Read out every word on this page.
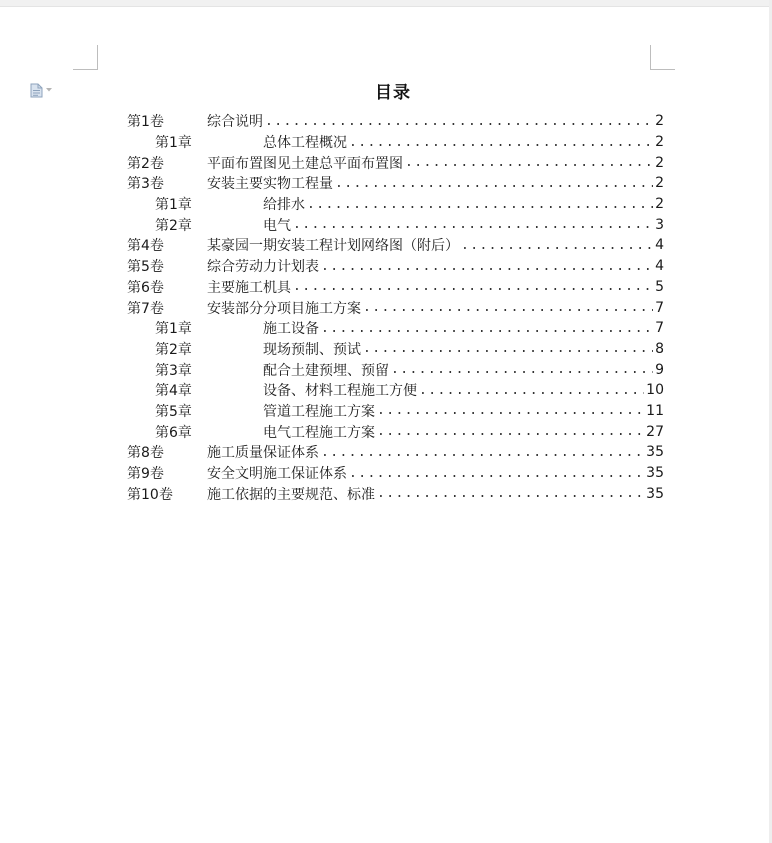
目录
第1卷	综合说明 .....	2
第1章	总体工程概况 .....	2
第2卷	平面布置图见土建总平面布置图 .....	2
第3卷	安装主要实物工程量 .....	2
第1章	给排水 .....	2
第2章	电气 .....	3
第4卷	某豪园一期安装工程计划网络图（附后） .....	4
第5卷	综合劳动力计划表 .....	4
第6卷	主要施工机具 .....	5
第7卷	安装部分分项目施工方案 .....	7
第1章	施工设备 .....	7
第2章	现场预制、预试 .....	8
第3章	配合土建预埋、预留 .....	9
第4章	设备、材料工程施工方便 .....	10
第5章	管道工程施工方案 .....	11
第6章	电气工程施工方案 .....	27
第8卷	施工质量保证体系 .....	35
第9卷	安全文明施工保证体系 .....	35
第10卷	施工依据的主要规范、标准 .....	35
